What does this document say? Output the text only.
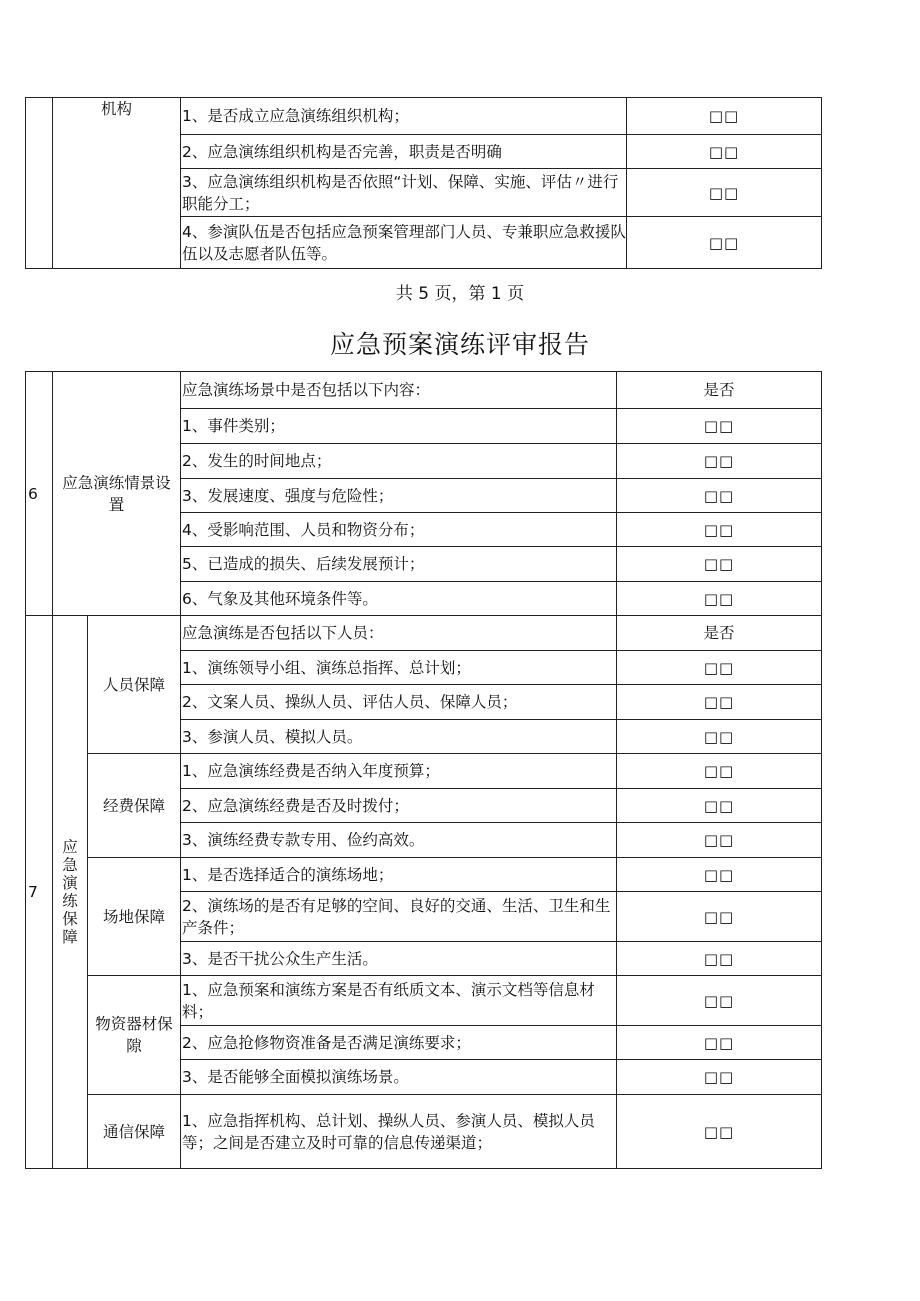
	机构	1、是否成立应急演练组织机构；	□□
		2、应急演练组织机构是否完善，职责是否明确	□□
		3、应急演练组织机构是否依照“计划、保障、实施、评估〃进行职能分工；	□□
		4、参演队伍是否包括应急预案管理部门人员、专兼职应急救援队伍以及志愿者队伍等。	□□
共 5 页，第 1 页
应急预案演练评审报告
6	应急演练情景设置		应急演练场景中是否包括以下内容：	是否
			1、事件类别；	□□
			2、发生的时间地点；	□□
			3、发展速度、强度与危险性；	□□
			4、受影响范围、人员和物资分布；	□□
			5、已造成的损失、后续发展预计；	□□
			6、气象及其他环境条件等。	□□
7	应急演练保障	人员保障	应急演练是否包括以下人员：	是否
			1、演练领导小组、演练总指挥、总计划；	□□
			2、文案人员、操纵人员、评估人员、保障人员；	□□
			3、参演人员、模拟人员。	□□
		经费保障	1、应急演练经费是否纳入年度预算；	□□
			2、应急演练经费是否及时拨付；	□□
			3、演练经费专款专用、俭约高效。	□□
		场地保障	1、是否选择适合的演练场地；	□□
			2、演练场的是否有足够的空间、良好的交通、生活、卫生和生产条件；	□□
			3、是否干扰公众生产生活。	□□

		物资器材保隙	1、应急预案和演练方案是否有纸质文本、演示文档等信息材料；	□□
			2、应急抢修物资准备是否满足演练要求；	□□
			3、是否能够全面模拟演练场景。	□□
		通信保障	1、应急指挥机构、总计划、操纵人员、参演人员、模拟人员等；之间是否建立及时可靠的信息传递渠道；	□□
